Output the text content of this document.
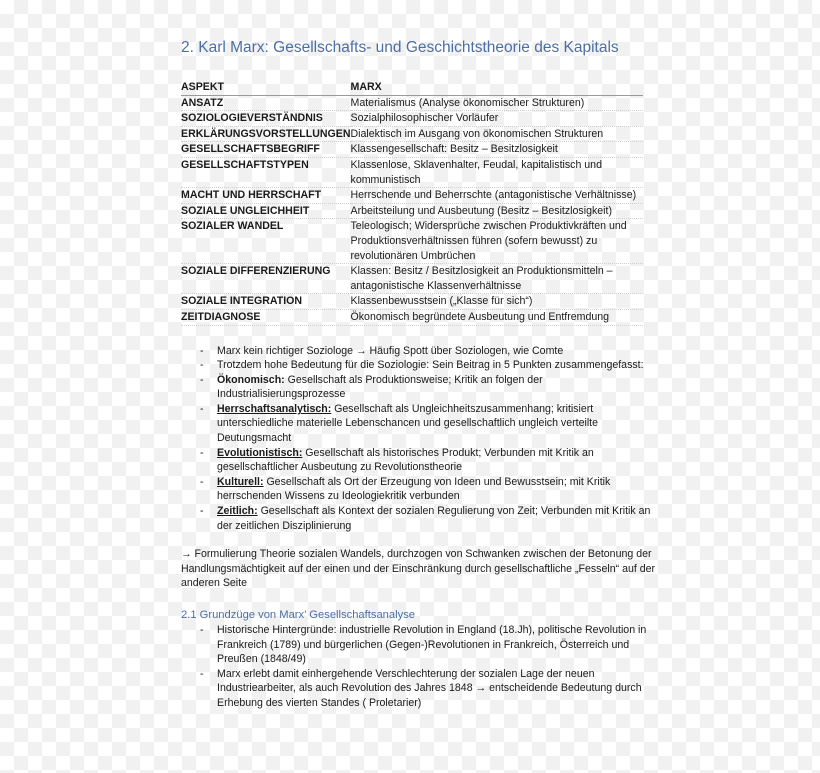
2. Karl Marx: Gesellschafts- und Geschichtstheorie des Kapitals
ASPEKT	MARX
ANSATZ	Materialismus (Analyse ökonomischer Strukturen)
SOZIOLOGIEVERSTÄNDNIS	Sozialphilosophischer Vorläufer
ERKLÄRUNGSVORSTELLUNGEN	Dialektisch im Ausgang von ökonomischen Strukturen
GESELLSCHAFTSBEGRIFF	Klassengesellschaft: Besitz – Besitzlosigkeit
GESELLSCHAFTSTYPEN	Klassenlose, Sklavenhalter, Feudal, kapitalistisch und kommunistisch
MACHT UND HERRSCHAFT	Herrschende und Beherrschte (antagonistische Verhältnisse)
SOZIALE UNGLEICHHEIT	Arbeitsteilung und Ausbeutung (Besitz – Besitzlosigkeit)
SOZIALER WANDEL	Teleologisch; Widersprüche zwischen Produktivkräften und Produktionsverhältnissen führen (sofern bewusst) zu revolutionären Umbrüchen
SOZIALE DIFFERENZIERUNG	Klassen: Besitz / Besitzlosigkeit an Produktionsmitteln – antagonistische Klassenverhältnisse
SOZIALE INTEGRATION	Klassenbewusstsein („Klasse für sich“)
ZEITDIAGNOSE	Ökonomisch begründete Ausbeutung und Entfremdung
- Marx kein richtiger Soziologe → Häufig Spott über Soziologen, wie Comte
- Trotzdem hohe Bedeutung für die Soziologie: Sein Beitrag in 5 Punkten zusammengefasst:
- Ökonomisch: Gesellschaft als Produktionsweise; Kritik an folgen der Industrialisierungsprozesse
- Herrschaftsanalytisch: Gesellschaft als Ungleichheitszusammenhang; kritisiert unterschiedliche materielle Lebenschancen und gesellschaftlich ungleich verteilte Deutungsmacht
- Evolutionistisch: Gesellschaft als historisches Produkt; Verbunden mit Kritik an gesellschaftlicher Ausbeutung zu Revolutionstheorie
- Kulturell: Gesellschaft als Ort der Erzeugung von Ideen und Bewusstsein; mit Kritik herrschenden Wissens zu Ideologiekritik verbunden
- Zeitlich: Gesellschaft als Kontext der sozialen Regulierung von Zeit; Verbunden mit Kritik an der zeitlichen Disziplinierung

→ Formulierung Theorie sozialen Wandels, durchzogen von Schwanken zwischen der Betonung der Handlungsmächtigkeit auf der einen und der Einschränkung durch gesellschaftliche „Fesseln“ auf der anderen Seite

2.1 Grundzüge von Marx’ Gesellschaftsanalyse
- Historische Hintergründe: industrielle Revolution in England (18.Jh), politische Revolution in Frankreich (1789) und bürgerlichen (Gegen-)Revolutionen in Frankreich, Österreich und Preußen (1848/49)
- Marx erlebt damit einhergehende Verschlechterung der sozialen Lage der neuen Industriearbeiter, als auch Revolution des Jahres 1848 → entscheidende Bedeutung durch Erhebung des vierten Standes ( Proletarier)
